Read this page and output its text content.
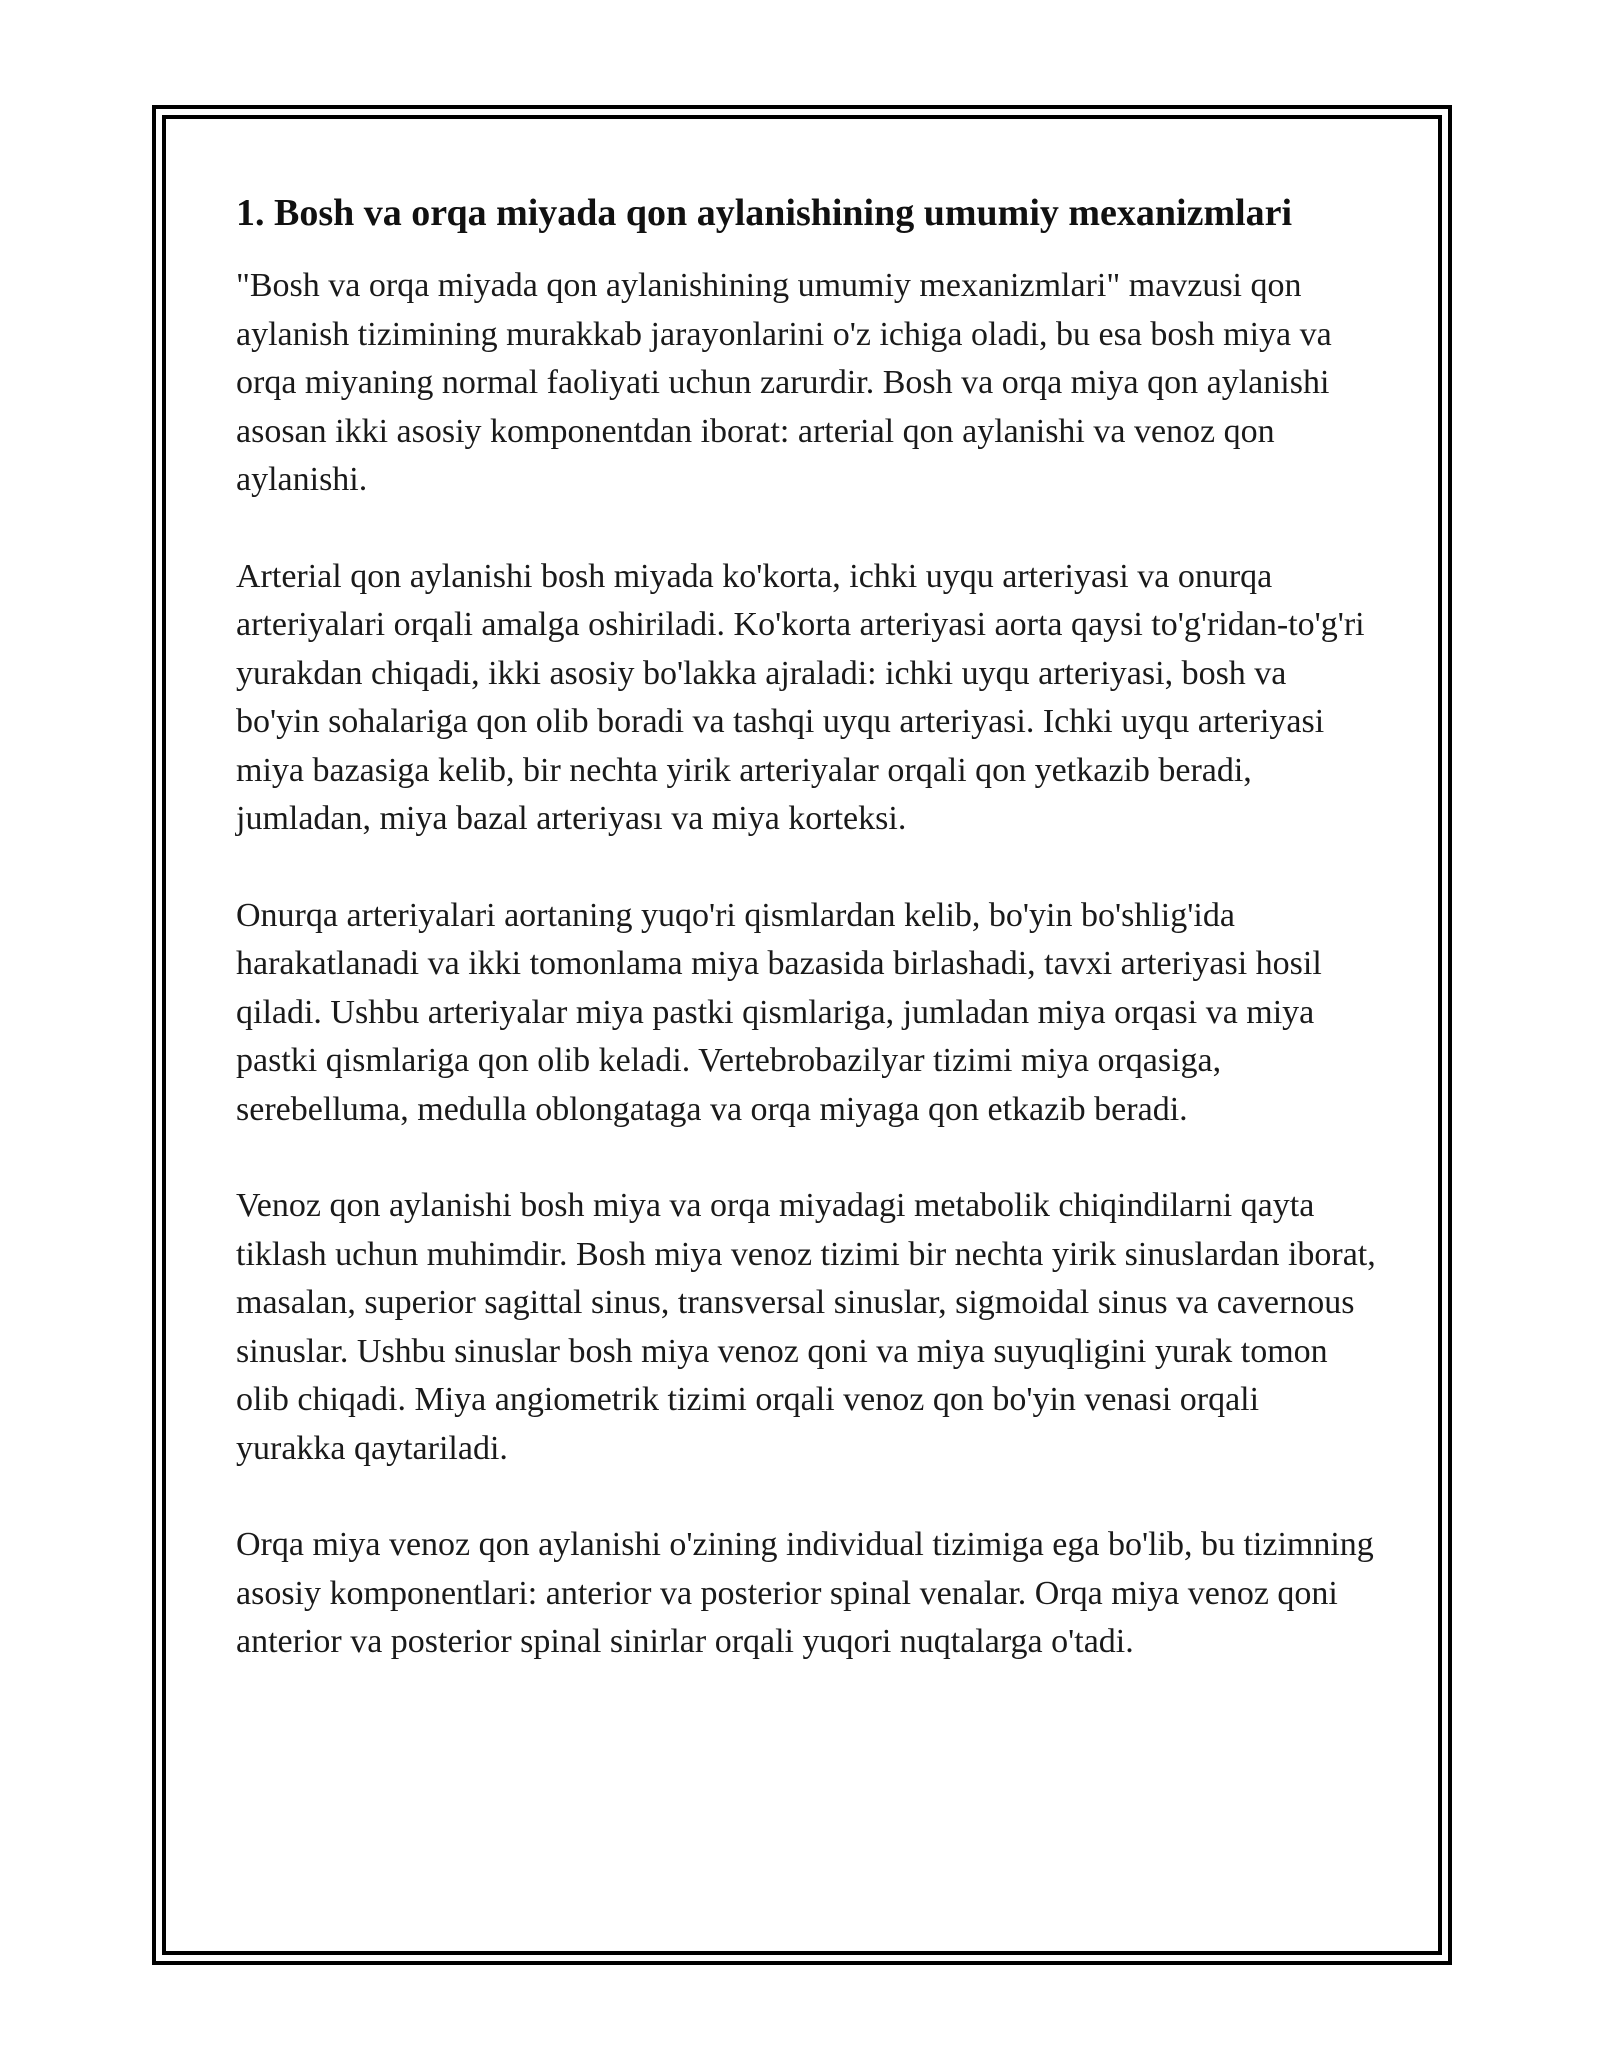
1. Bosh va orqa miyada qon aylanishining umumiy mexanizmlari

"Bosh va orqa miyada qon aylanishining umumiy mexanizmlari" mavzusi qon aylanish tizimining murakkab jarayonlarini o'z ichiga oladi, bu esa bosh miya va orqa miyaning normal faoliyati uchun zarurdir. Bosh va orqa miya qon aylanishi asosan ikki asosiy komponentdan iborat: arterial qon aylanishi va venoz qon aylanishi.

Arterial qon aylanishi bosh miyada ko'korta, ichki uyqu arteriyasi va onurqa arteriyalari orqali amalga oshiriladi. Ko'korta arteriyasi aorta qaysi to'g'ridan-to'g'ri yurakdan chiqadi, ikki asosiy bo'lakka ajraladi: ichki uyqu arteriyasi, bosh va bo'yin sohalariga qon olib boradi va tashqi uyqu arteriyasi. Ichki uyqu arteriyasi miya bazasiga kelib, bir nechta yirik arteriyalar orqali qon yetkazib beradi, jumladan, miya bazal arteriyası va miya korteksi.

Onurqa arteriyalari aortaning yuqo'ri qismlardan kelib, bo'yin bo'shlig'ida harakatlanadi va ikki tomonlama miya bazasida birlashadi, tavxi arteriyasi hosil qiladi. Ushbu arteriyalar miya pastki qismlariga, jumladan miya orqasi va miya pastki qismlariga qon olib keladi. Vertebrobazilyar tizimi miya orqasiga, serebelluma, medulla oblongataga va orqa miyaga qon etkazib beradi.

Venoz qon aylanishi bosh miya va orqa miyadagi metabolik chiqindilarni qayta tiklash uchun muhimdir. Bosh miya venoz tizimi bir nechta yirik sinuslardan iborat, masalan, superior sagittal sinus, transversal sinuslar, sigmoidal sinus va cavernous sinuslar. Ushbu sinuslar bosh miya venoz qoni va miya suyuqligini yurak tomon olib chiqadi. Miya angiometrik tizimi orqali venoz qon bo'yin venasi orqali yurakka qaytariladi.

Orqa miya venoz qon aylanishi o'zining individual tizimiga ega bo'lib, bu tizimning asosiy komponentlari: anterior va posterior spinal venalar. Orqa miya venoz qoni anterior va posterior spinal sinirlar orqali yuqori nuqtalarga o'tadi.
